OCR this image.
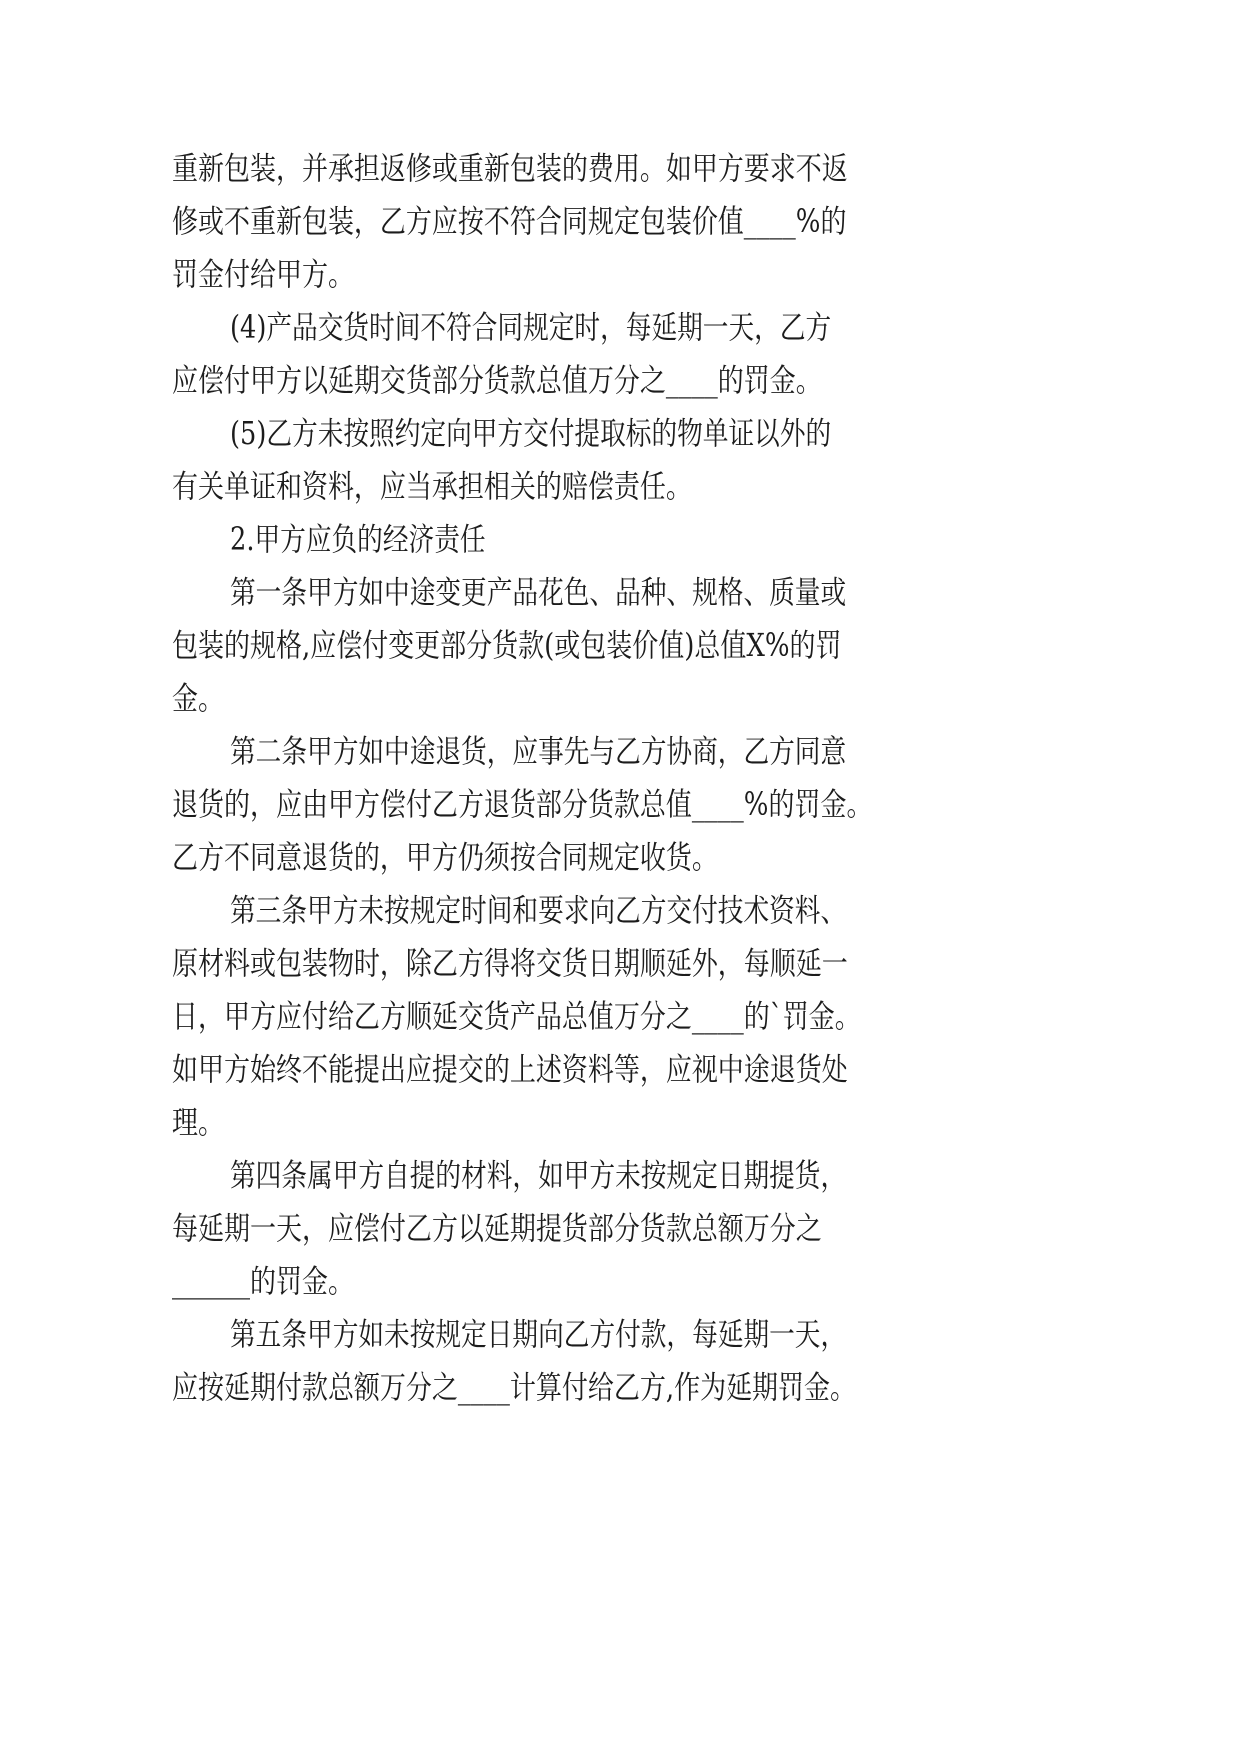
重新包装，并承担返修或重新包装的费用。如甲方要求不返
修或不重新包装，乙方应按不符合同规定包装价值____%的
罚金付给甲方。
(4)产品交货时间不符合同规定时，每延期一天，乙方
应偿付甲方以延期交货部分货款总值万分之____的罚金。
(5)乙方未按照约定向甲方交付提取标的物单证以外的
有关单证和资料，应当承担相关的赔偿责任。
2.甲方应负的经济责任
第一条甲方如中途变更产品花色、品种、规格、质量或
包装的规格,应偿付变更部分货款(或包装价值)总值X%的罚
金。
第二条甲方如中途退货，应事先与乙方协商，乙方同意
退货的，应由甲方偿付乙方退货部分货款总值____%的罚金。
乙方不同意退货的，甲方仍须按合同规定收货。
第三条甲方未按规定时间和要求向乙方交付技术资料、
原材料或包装物时，除乙方得将交货日期顺延外，每顺延一
日，甲方应付给乙方顺延交货产品总值万分之____的`罚金。
如甲方始终不能提出应提交的上述资料等，应视中途退货处
理。
第四条属甲方自提的材料，如甲方未按规定日期提货，
每延期一天，应偿付乙方以延期提货部分货款总额万分之
______的罚金。
第五条甲方如未按规定日期向乙方付款，每延期一天，
应按延期付款总额万分之____计算付给乙方,作为延期罚金。
